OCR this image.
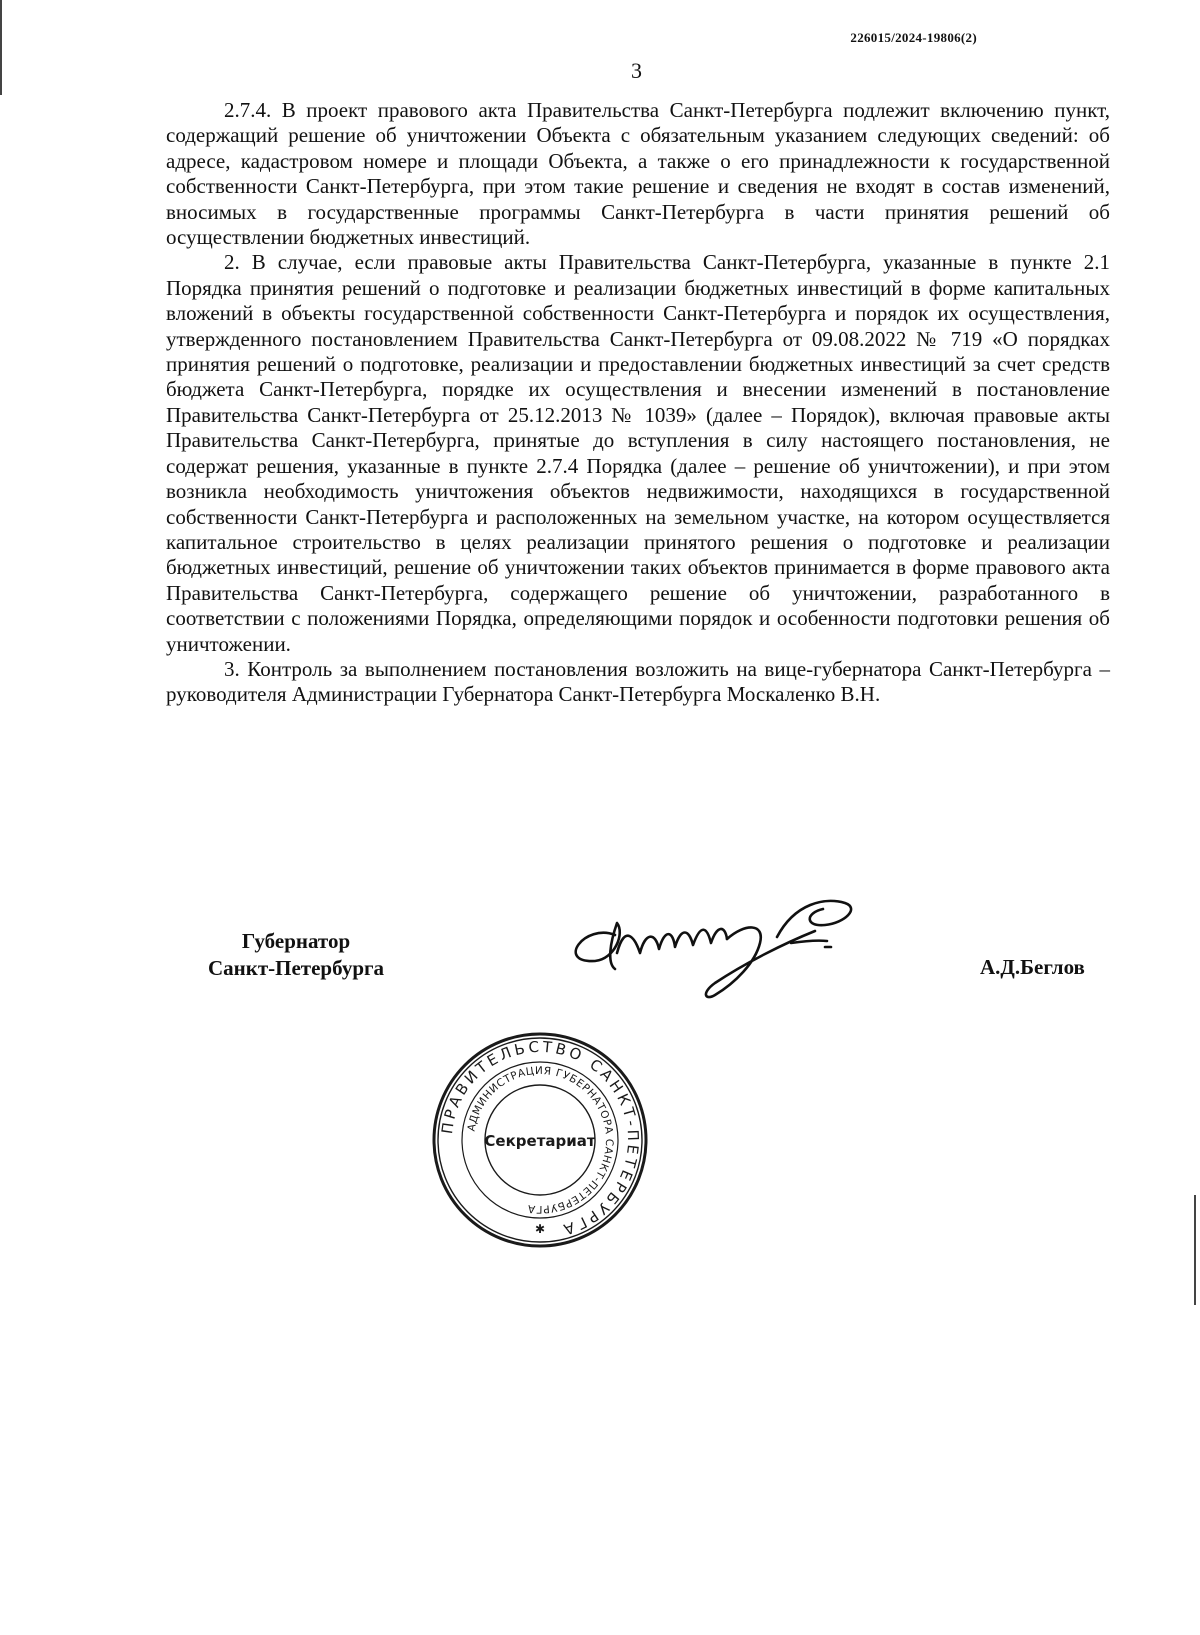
226015/2024-19806(2)
3

2.7.4. В проект правового акта Правительства Санкт-Петербурга подлежит включению пункт, содержащий решение об уничтожении Объекта с обязательным указанием следующих сведений: об адресе, кадастровом номере и площади Объекта, а также о его принадлежности к государственной собственности Санкт-Петербурга, при этом такие решение и сведения не входят в состав изменений, вносимых в государственные программы Санкт-Петербурга в части принятия решений об осуществлении бюджетных инвестиций.

2. В случае, если правовые акты Правительства Санкт-Петербурга, указанные в пункте 2.1 Порядка принятия решений о подготовке и реализации бюджетных инвестиций в форме капитальных вложений в объекты государственной собственности Санкт-Петербурга и порядок их осуществления, утвержденного постановлением Правительства Санкт-Петербурга от 09.08.2022 № 719 «О порядках принятия решений о подготовке, реализации и предоставлении бюджетных инвестиций за счет средств бюджета Санкт-Петербурга, порядке их осуществления и внесении изменений в постановление Правительства Санкт-Петербурга от 25.12.2013 № 1039» (далее – Порядок), включая правовые акты Правительства Санкт-Петербурга, принятые до вступления в силу настоящего постановления, не содержат решения, указанные в пункте 2.7.4 Порядка (далее – решение об уничтожении), и при этом возникла необходимость уничтожения объектов недвижимости, находящихся в государственной собственности Санкт-Петербурга и расположенных на земельном участке, на котором осуществляется капитальное строительство в целях реализации принятого решения о подготовке и реализации бюджетных инвестиций, решение об уничтожении таких объектов принимается в форме правового акта Правительства Санкт-Петербурга, содержащего решение об уничтожении, разработанного в соответствии с положениями Порядка, определяющими порядок и особенности подготовки решения об уничтожении.

3. Контроль за выполнением постановления возложить на вице-губернатора Санкт-Петербурга – руководителя Администрации Губернатора Санкт-Петербурга Москаленко В.Н.

Губернатор
Санкт-Петербурга	А.Д.Беглов
ПРАВИТЕЛЬСТВО САНКТ-ПЕТЕРБУРГА
АДМИНИСТРАЦИЯ ГУБЕРНАТОРА САНКТ-ПЕТЕРБУРГА
Секретариат
✱
